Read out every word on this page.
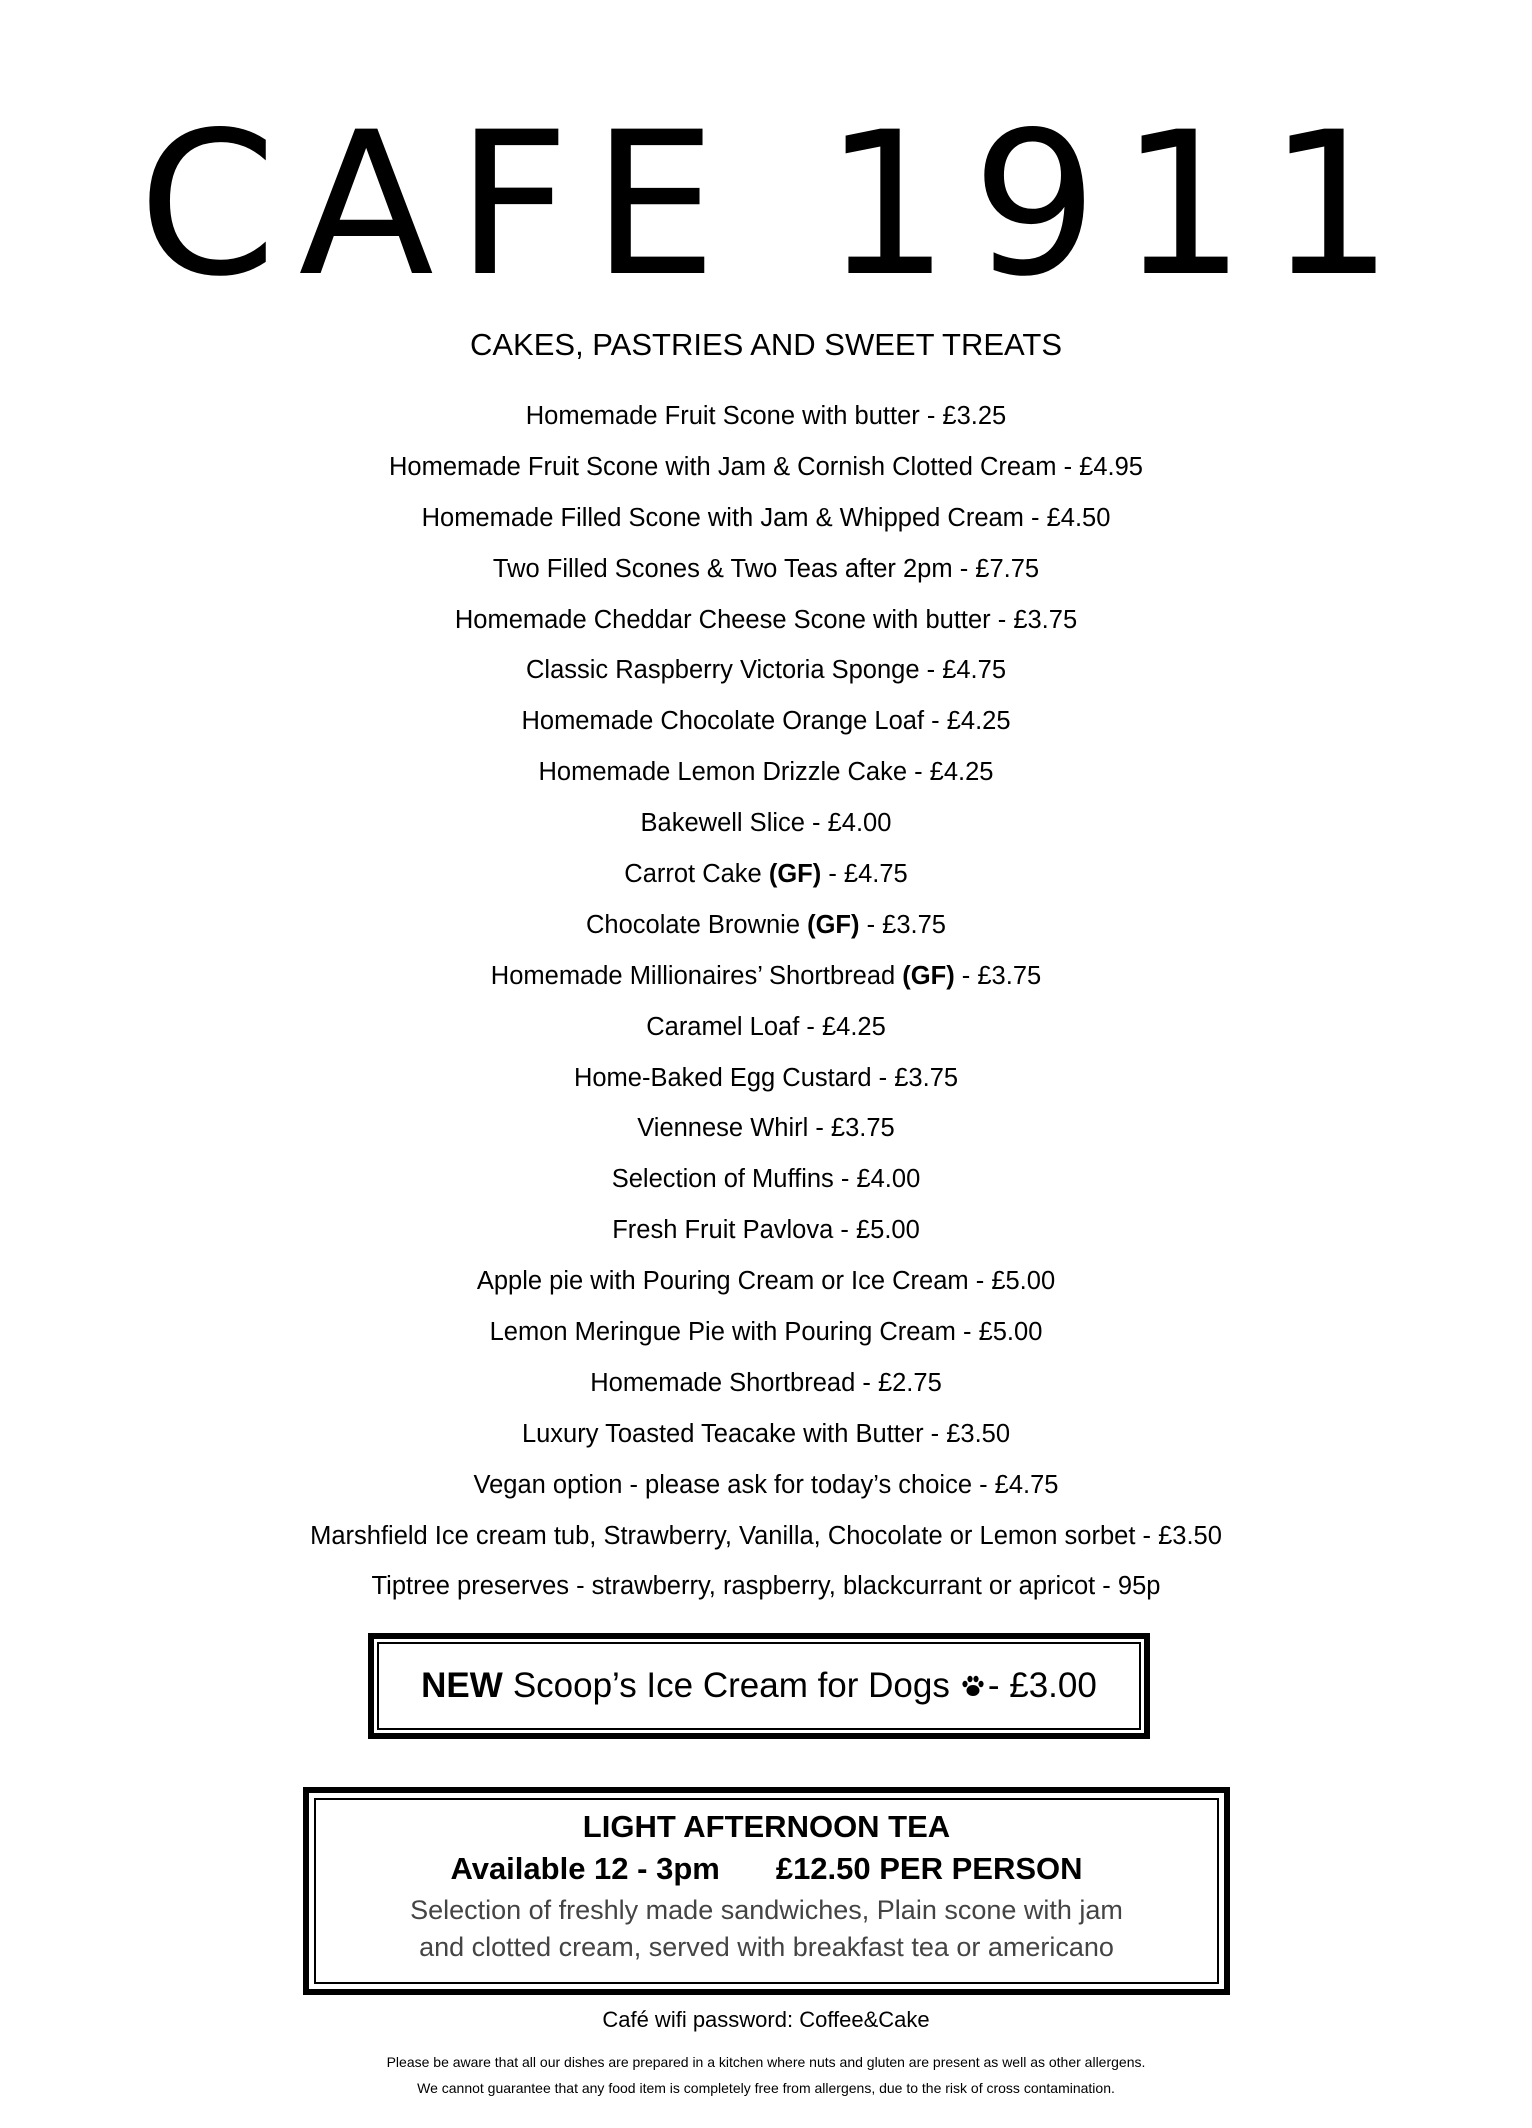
CAFE 1911
CAKES, PASTRIES AND SWEET TREATS
Homemade Fruit Scone with butter - £3.25
Homemade Fruit Scone with Jam & Cornish Clotted Cream - £4.95
Homemade Filled Scone with Jam & Whipped Cream - £4.50
Two Filled Scones & Two Teas after 2pm - £7.75
Homemade Cheddar Cheese Scone with butter - £3.75
Classic Raspberry Victoria Sponge - £4.75
Homemade Chocolate Orange Loaf - £4.25
Homemade Lemon Drizzle Cake - £4.25
Bakewell Slice - £4.00
Carrot Cake (GF) - £4.75
Chocolate Brownie (GF) - £3.75
Homemade Millionaires’ Shortbread (GF) - £3.75
Caramel Loaf - £4.25
Home-Baked Egg Custard - £3.75
Viennese Whirl - £3.75
Selection of Muffins - £4.00
Fresh Fruit Pavlova - £5.00
Apple pie with Pouring Cream or Ice Cream - £5.00
Lemon Meringue Pie with Pouring Cream - £5.00
Homemade Shortbread - £2.75
Luxury Toasted Teacake with Butter - £3.50
Vegan option - please ask for today’s choice - £4.75
Marshfield Ice cream tub, Strawberry, Vanilla, Chocolate or Lemon sorbet - £3.50
Tiptree preserves - strawberry, raspberry, blackcurrant or apricot - 95p
NEW Scoop’s Ice Cream for Dogs - £3.00
LIGHT AFTERNOON TEA
Available 12 - 3pm £12.50 PER PERSON
Selection of freshly made sandwiches, Plain scone with jam
and clotted cream, served with breakfast tea or americano
Café wifi password: Coffee&Cake
Please be aware that all our dishes are prepared in a kitchen where nuts and gluten are present as well as other allergens.
We cannot guarantee that any food item is completely free from allergens, due to the risk of cross contamination.
